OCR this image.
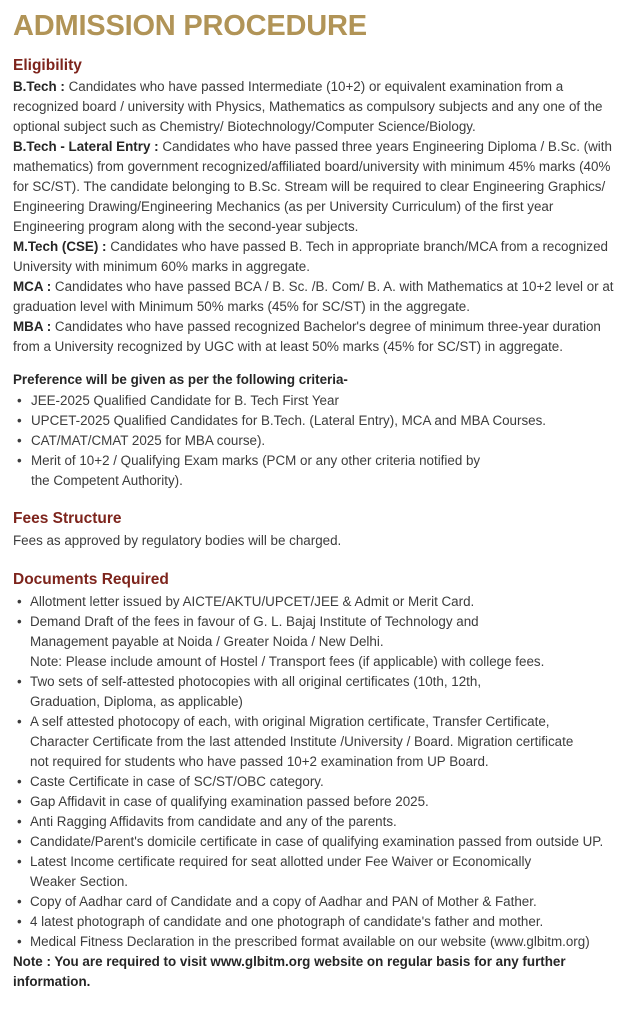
ADMISSION PROCEDURE
Eligibility

B.Tech : Candidates who have passed Intermediate (10+2) or equivalent examination from a recognized board / university with Physics, Mathematics as compulsory subjects and any one of the optional subject such as Chemistry/ Biotechnology/Computer Science/Biology.

B.Tech - Lateral Entry : Candidates who have passed three years Engineering Diploma / B.Sc. (with mathematics) from government recognized/affiliated board/university with minimum 45% marks (40% for SC/ST). The candidate belonging to B.Sc. Stream will be required to clear Engineering Graphics/ Engineering Drawing/Engineering Mechanics (as per University Curriculum) of the first year Engineering program along with the second-year subjects.

M.Tech (CSE) : Candidates who have passed B. Tech in appropriate branch/MCA from a recognized University with minimum 60% marks in aggregate.

MCA : Candidates who have passed BCA / B. Sc. /B. Com/ B. A. with Mathematics at 10+2 level or at graduation level with Minimum 50% marks (45% for SC/ST) in the aggregate.

MBA : Candidates who have passed recognized Bachelor's degree of minimum three-year duration from a University recognized by UGC with at least 50% marks (45% for SC/ST) in aggregate.

Preference will be given as per the following criteria-

• JEE-2025 Qualified Candidate for B. Tech First Year
• UPCET-2025 Qualified Candidates for B.Tech. (Lateral Entry), MCA and MBA Courses.
• CAT/MAT/CMAT 2025 for MBA course).
• Merit of 10+2 / Qualifying Exam marks (PCM or any other criteria notified by
the Competent Authority).
Fees Structure

Fees as approved by regulatory bodies will be charged.

Documents Required
• Allotment letter issued by AICTE/AKTU/UPCET/JEE & Admit or Merit Card.
• Demand Draft of the fees in favour of G. L. Bajaj Institute of Technology and
Management payable at Noida / Greater Noida / New Delhi.
Note: Please include amount of Hostel / Transport fees (if applicable) with college fees.
• Two sets of self-attested photocopies with all original certificates (10th, 12th,
Graduation, Diploma, as applicable)
• A self attested photocopy of each, with original Migration certificate, Transfer Certificate,
Character Certificate from the last attended Institute /University / Board. Migration certificate
not required for students who have passed 10+2 examination from UP Board.
• Caste Certificate in case of SC/ST/OBC category.
• Gap Affidavit in case of qualifying examination passed before 2025.
• Anti Ragging Affidavits from candidate and any of the parents.
• Candidate/Parent's domicile certificate in case of qualifying examination passed from outside UP.
• Latest Income certificate required for seat allotted under Fee Waiver or Economically
Weaker Section.
• Copy of Aadhar card of Candidate and a copy of Aadhar and PAN of Mother & Father.
• 4 latest photograph of candidate and one photograph of candidate's father and mother.
• Medical Fitness Declaration in the prescribed format available on our website (www.glbitm.org)

Note : You are required to visit www.glbitm.org website on regular basis for any further information.
